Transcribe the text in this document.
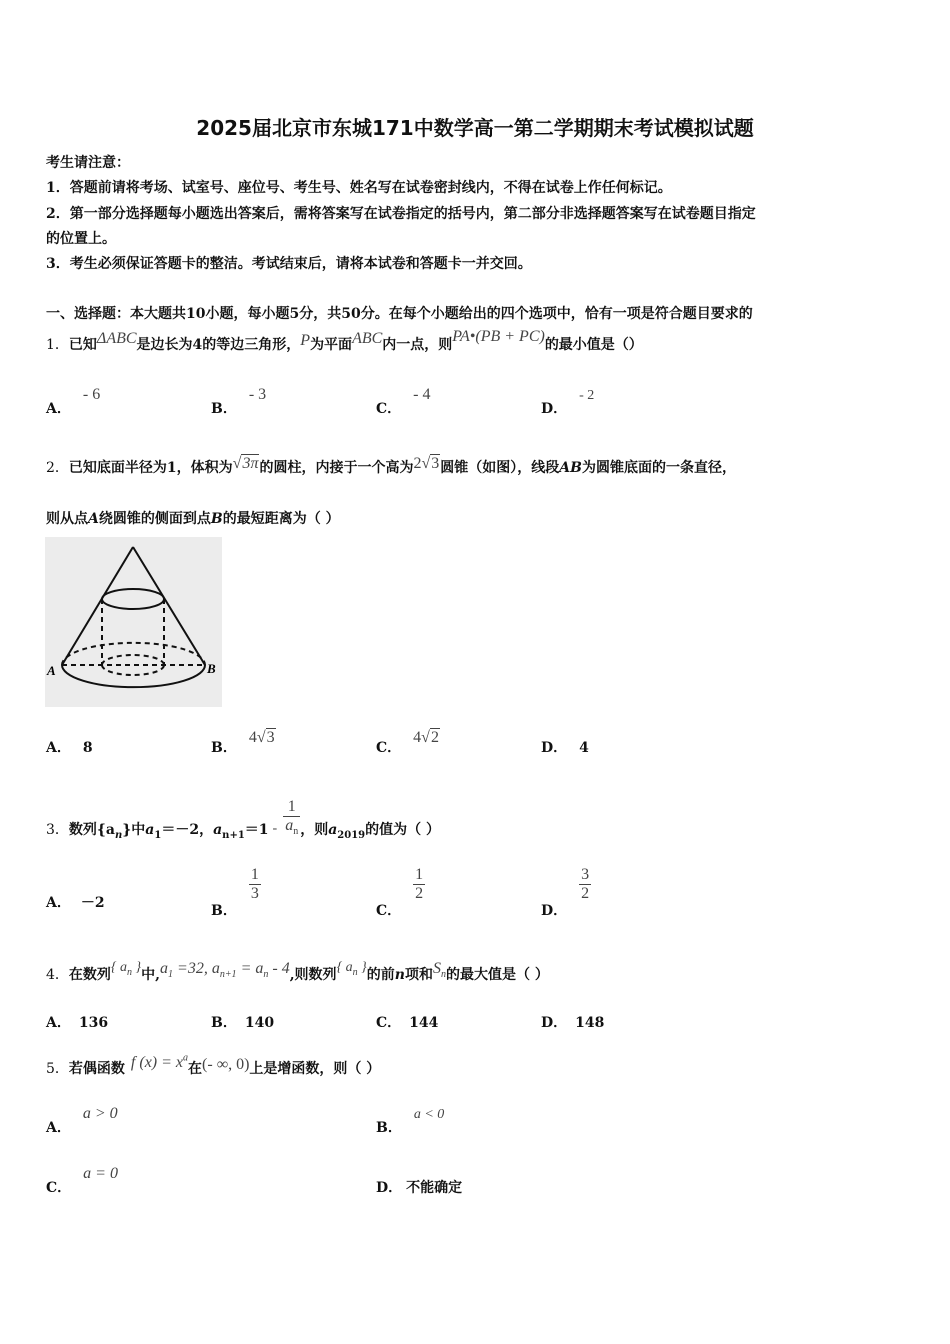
2025届北京市东城171中数学高一第二学期期末考试模拟试题
考生请注意：
1．答题前请将考场、试室号、座位号、考生号、姓名写在试卷密封线内，不得在试卷上作任何标记。
2．第一部分选择题每小题选出答案后，需将答案写在试卷指定的括号内，第二部分非选择题答案写在试卷题目指定
的位置上。
3．考生必须保证答题卡的整洁。考试结束后，请将本试卷和答题卡一并交回。
一、选择题：本大题共10小题，每小题5分，共50分。在每个小题给出的四个选项中，恰有一项是符合题目要求的
1．已知ΔABC是边长为4的等边三角形，P为平面ABC内一点，则PA•(PB + PC)的最小值是（）
A．- 6
B．- 3
C．- 4
D．- 2
2．已知底面半径为1，体积为√3π的圆柱，内接于一个高为2√3圆锥（如图），线段AB为圆锥底面的一条直径，
则从点A绕圆锥的侧面到点B的最短距离为（ ）
A	B
A． 8	B．4√3
C．4√2
D． 4
3．数列$\{a_n\}$中$a_1=-2$，$a_{n+1}=1 - \frac{1}{a_n}$ ，则$a_{2019}$的值为（ ）
A． －2	B．
$\frac{1}{3}$
C．
$\frac{1}{2}$
D．
$\frac{3}{2}$
4．在数列{ $a_n$ }中$,a_1 =32$, $a_{n+1} = a_n - 4$,则数列{ $a_n$ }的前n项和$S_n$的最大值是（ ）
A． 136	B． 140	C． 144	D． 148
5．若偶函数 f $(x) = x^a$在(- ∞, 0)上是增函数，则（ ）
A．a > 0
B．a < 0
C．a = 0
D． 不能确定
